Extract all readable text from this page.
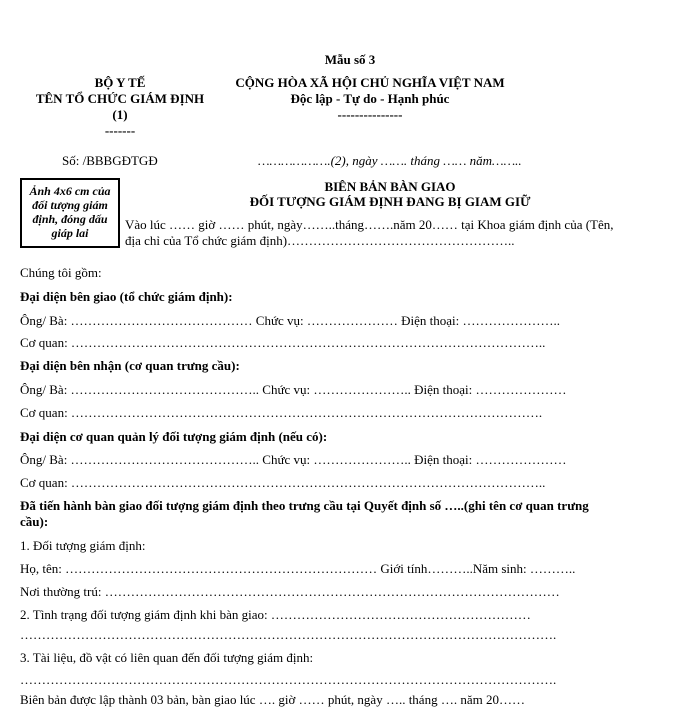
Mẫu số 3
BỘ Y TẾ
TÊN TỔ CHỨC GIÁM ĐỊNH
(1)
-------
CỘNG HÒA XÃ HỘI CHỦ NGHĨA VIỆT NAM
Độc lập - Tự do - Hạnh phúc
---------------
Số: /BBBGĐTGĐ	……………….(2), ngày ……. tháng …… năm……..
Ảnh 4x6 cm của đối tượng giám định, đóng dấu giáp lai
BIÊN BẢN BÀN GIAO
ĐỐI TƯỢNG GIÁM ĐỊNH ĐANG BỊ GIAM GIỮ
Vào lúc …… giờ …… phút, ngày……..tháng…….năm 20…… tại Khoa giám định của (Tên,
địa chỉ của Tổ chức giám định)……………………………………………..
Chúng tôi gồm:
Đại diện bên giao (tổ chức giám định):
Ông/ Bà: …………………………………… Chức vụ: ………………… Điện thoại: …………………..
Cơ quan: ………………………………………………………………………………………………..
Đại diện bên nhận (cơ quan trưng cầu):
Ông/ Bà: …………………………………….. Chức vụ: ………………….. Điện thoại: …………………
Cơ quan: ……………………………………………………………………………………………….
Đại diện cơ quan quản lý đối tượng giám định (nếu có):
Ông/ Bà: …………………………………….. Chức vụ: ………………….. Điện thoại: …………………
Cơ quan: ………………………………………………………………………………………………..
Đã tiến hành bàn giao đối tượng giám định theo trưng cầu tại Quyết định số …..(ghi tên cơ quan trưng
cầu):
1. Đối tượng giám định:
Họ, tên: ……………………………………………………………… Giới tính………..Năm sinh: ………..
Nơi thường trú: ……………………………………………………………………………………………
2. Tình trạng đối tượng giám định khi bàn giao: ……………………………………………………
…………………………………………………………………………………………………………….
3. Tài liệu, đồ vật có liên quan đến đối tượng giám định:
…………………………………………………………………………………………………………….
Biên bản được lập thành 03 bản, bàn giao lúc …. giờ …… phút, ngày ….. tháng …. năm 20……
